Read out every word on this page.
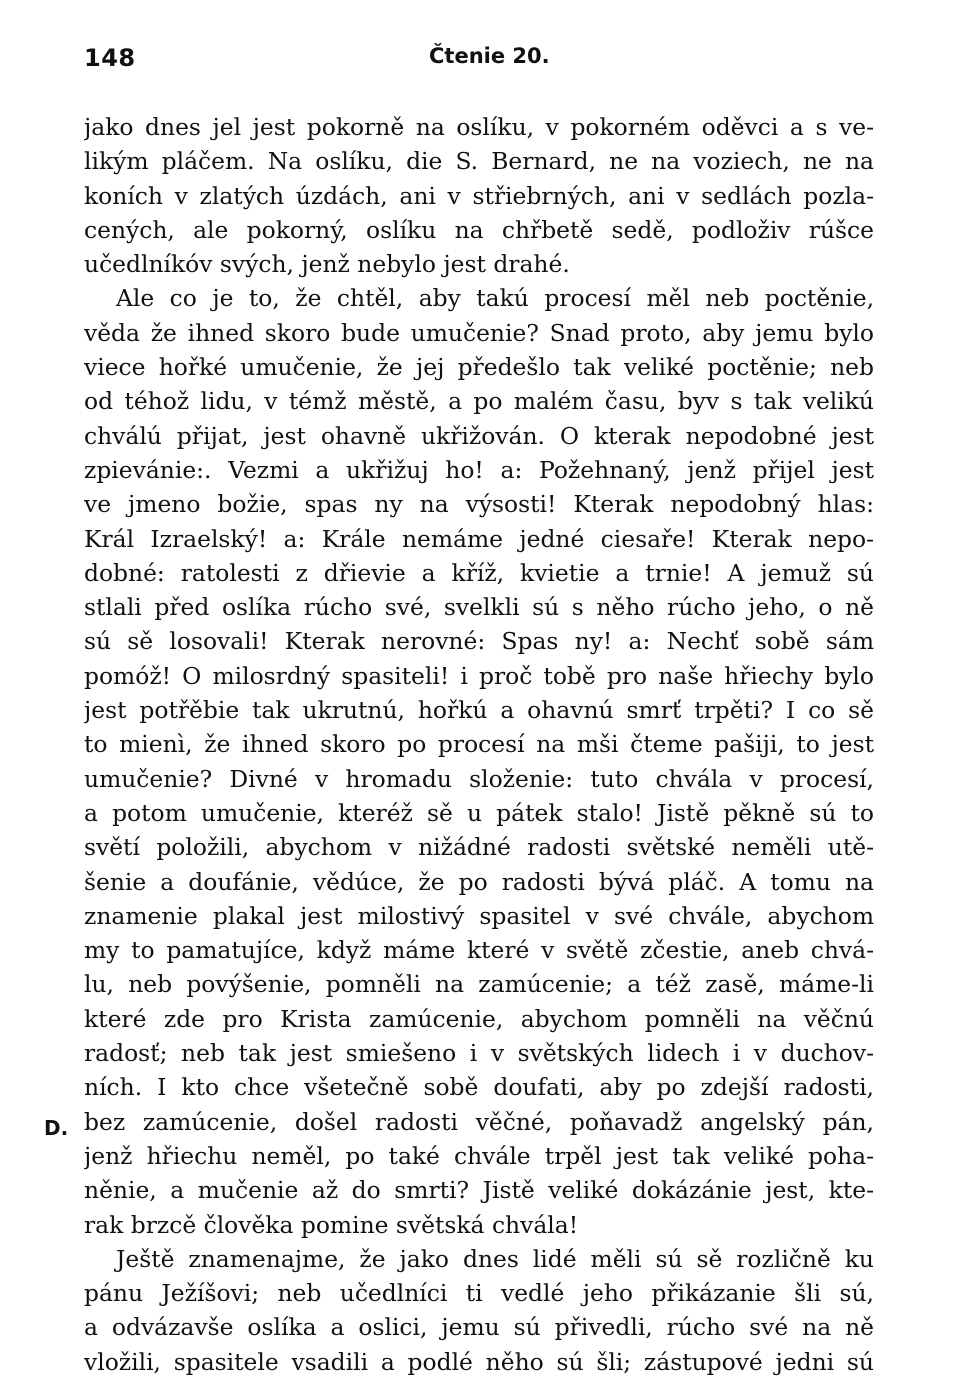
148	Čtenie 20.
D.
jako dnes jel jest pokorně na oslíku, v pokorném oděvci a s ve-
likým pláčem. Na oslíku, die S. Bernard, ne na voziech, ne na
koních v zlatých úzdách, ani v střiebrných, ani v sedlách pozla-
cených, ale pokorný, oslíku na chřbetě sedě, podloživ rúšce
učedlníkóv svých, jenž nebylo jest drahé.
Ale co je to, že chtěl, aby takú procesí měl neb poctěnie,
věda že ihned skoro bude umučenie? Snad proto, aby jemu bylo
viece hořké umučenie, že jej předešlo tak veliké poctěnie; neb
od téhož lidu, v témž městě, a po malém času, byv s tak velikú
chválú přijat, jest ohavně ukřižován. O kterak nepodobné jest
zpievánie:. Vezmi a ukřižuj ho! a: Požehnaný, jenž přijel jest
ve jmeno božie, spas ny na výsosti! Kterak nepodobný hlas:
Král Izraelský! a: Krále nemáme jedné ciesaře! Kterak nepo-
dobné: ratolesti z dřievie a kříž, kvietie a trnie! A jemuž sú
stlali před oslíka rúcho své, svelkli sú s něho rúcho jeho, o ně
sú sě losovali! Kterak nerovné: Spas ny! a: Nechť sobě sám
pomóž! O milosrdný spasiteli! i proč tobě pro naše hřiechy bylo
jest potřěbie tak ukrutnú, hořkú a ohavnú smrť trpěti? I co sě
to mienì, že ihned skoro po procesí na mši čteme pašiji, to jest
umučenie? Divné v hromadu složenie: tuto chvála v procesí,
a potom umučenie, kteréž sě u pátek stalo! Jistě pěkně sú to
světí položili, abychom v nižádné radosti světské neměli utě-
šenie a doufánie, vědúce, že po radosti bývá pláč. A tomu na
znamenie plakal jest milostivý spasitel v své chvále, abychom
my to pamatujíce, když máme které v světě zčestie, aneb chvá-
lu, neb povýšenie, pomněli na zamúcenie; a též zasě, máme-li
které zde pro Krista zamúcenie, abychom pomněli na věčnú
radosť; neb tak jest smiešeno i v světských lidech i v duchov-
ních. I kto chce všetečně sobě doufati, aby po zdejší radosti,
bez zamúcenie, došel radosti věčné, poňavadž angelský pán,
jenž hřiechu neměl, po také chvále trpěl jest tak veliké poha-
něnie, a mučenie až do smrti? Jistě veliké dokázánie jest, kte-
rak brzcě člověka pomine světská chvála!
Ještě znamenajme, že jako dnes lidé měli sú sě rozličně ku
pánu Ježíšovi; neb učedlníci ti vedlé jeho přikázanie šli sú,
a odvázavše oslíka a oslici, jemu sú přivedli, rúcho své na ně
vložili, spasitele vsadili a podlé něho sú šli; zástupové jedni sú
